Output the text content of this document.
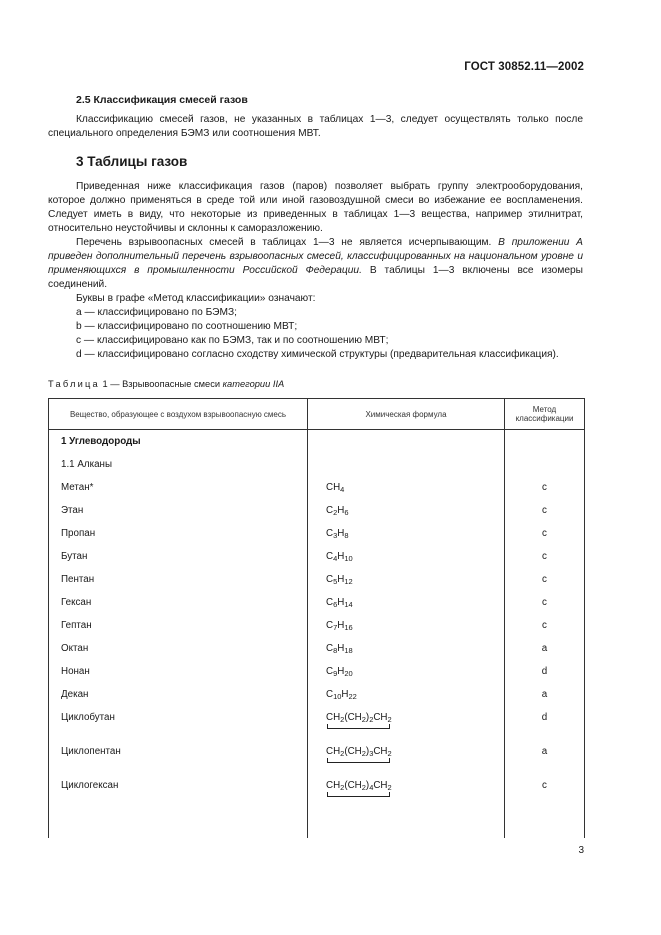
ГОСТ 30852.11—2002
2.5 Классификация смесей газов

Классификацию смесей газов, не указанных в таблицах 1—3, следует осуществлять только после специального определения БЭМЗ или соотношения МВТ.

3 Таблицы газов

Приведенная ниже классификация газов (паров) позволяет выбрать группу электрооборудования, которое должно применяться в среде той или иной газовоздушной смеси во избежание ее воспламенения. Следует иметь в виду, что некоторые из приведенных в таблицах 1—3 вещества, например этилнитрат, относительно неустойчивы и склонны к саморазложению.

Перечень взрывоопасных смесей в таблицах 1—3 не является исчерпывающим. В приложении А приведен дополнительный перечень взрывоопасных смесей, классифицированных на национальном уровне и применяющихся в промышленности Российской Федерации. В таблицы 1—3 включены все изомеры соединений.

Буквы в графе «Метод классификации» означают:

a — классифицировано по БЭМЗ;

b — классифицировано по соотношению МВТ;

c — классифицировано как по БЭМЗ, так и по соотношению МВТ;

d — классифицировано согласно сходству химической структуры (предварительная классификация).

Таблица 1 — Взрывоопасные смеси категории IIA
Вещество, образующее с воздухом взрывоопасную смесь	Химическая формула	Метод классификации

1 Углеводороды		

1.1 Алканы		

Метан*	$CH_4$	c

Этан	$C_2H_6$	c

Пропан	$C_3H_8$	c

Бутан	$C_4H_{10}$	c

Пентан	$C_5H_{12}$	c

Гексан	$C_6H_{14}$	c

Гептан	$C_7H_{16}$	c

Октан	$C_8H_{18}$	a

Нонан	$C_9H_{20}$	d

Декан	$C_{10}H_{22}$	a

Циклобутан	$CH_2(CH_2)_2CH_2$	d

Циклопентан	$CH_2(CH_2)_3CH_2$	a

Циклогексан	$CH_2(CH_2)_4CH_2$	c

3
